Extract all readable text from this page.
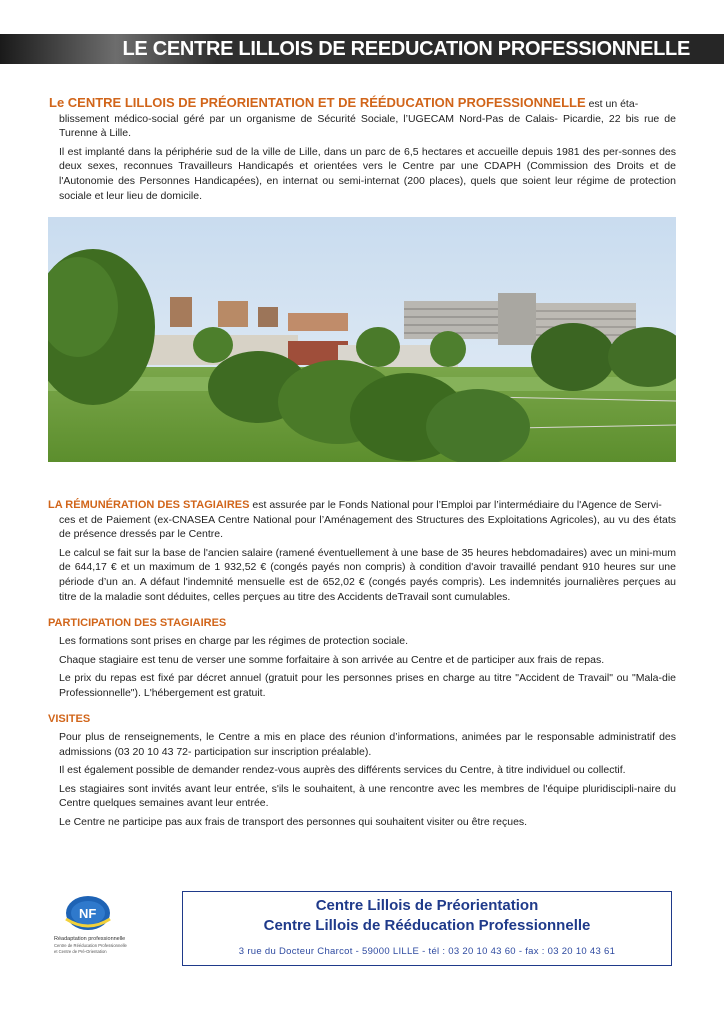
LE CENTRE LILLOIS DE REEDUCATION PROFESSIONNELLE

Le CENTRE LILLOIS DE PRÉORIENTATION ET DE RÉÉDUCATION PROFESSIONNELLE est un éta-

blissement médico-social géré par un organisme de Sécurité Sociale, l’UGECAM Nord-Pas de Calais- Picardie, 22 bis rue de Turenne à Lille.

Il est implanté dans la périphérie sud de la ville de Lille, dans un parc de 6,5 hectares et accueille depuis 1981 des per-sonnes des deux sexes, reconnues Travailleurs Handicapés et orientées vers le Centre par une CDAPH (Commission des Droits et de l'Autonomie des Personnes Handicapées), en internat ou semi-internat (200 places), quels que soient leur régime de protection sociale et leur lieu de domicile.

LA RÉMUNÉRATION DES STAGIAIRES est assurée par le Fonds National pour l’Emploi par l’intermédiaire du l'Agence de Servi-

ces et de Paiement (ex-CNASEA Centre National pour l’Aménagement des Structures des Exploitations Agricoles), au vu des états de présence dressés par le Centre.

Le calcul se fait sur la base de l'ancien salaire (ramené éventuellement à une base de 35 heures hebdomadaires) avec un mini-mum de 644,17 € et un maximum de 1 932,52 € (congés payés non compris) à condition d'avoir travaillé pendant 910 heures sur une période d’un an. A défaut l'indemnité mensuelle est de 652,02 € (congés payés compris). Les indemnités journalières perçues au titre de la maladie sont déduites, celles perçues au titre des Accidents deTravail sont cumulables.

PARTICIPATION DES STAGIAIRES

Les formations sont prises en charge par les régimes de protection sociale.

Chaque stagiaire est tenu de verser une somme forfaitaire à son arrivée au Centre et de participer aux frais de repas.

Le prix du repas est fixé par décret annuel (gratuit pour les personnes prises en charge au titre "Accident de Travail" ou "Mala-die Professionnelle"). L'hébergement est gratuit.

VISITES

Pour plus de renseignements, le Centre a mis en place des réunion d’informations, animées par le responsable administratif des admissions (03 20 10 43 72- participation sur inscription préalable).

Il est également possible de demander rendez-vous auprès des différents services du Centre, à titre individuel ou collectif.

Les stagiaires sont invités avant leur entrée, s'ils le souhaitent, à une rencontre avec les membres de l'équipe pluridiscipli-naire du Centre quelques semaines avant leur entrée.

Le Centre ne participe pas aux frais de transport des personnes qui souhaitent visiter ou être reçues.

NF
Réadaptation professionnelle
Centre de Rééducation Professionnelle
et Centre de Pré-Orientation
Centre Lillois de Préorientation
Centre Lillois de Rééducation Professionnelle
3 rue du Docteur Charcot - 59000 LILLE - tél : 03 20 10 43 60 - fax : 03 20 10 43 61
